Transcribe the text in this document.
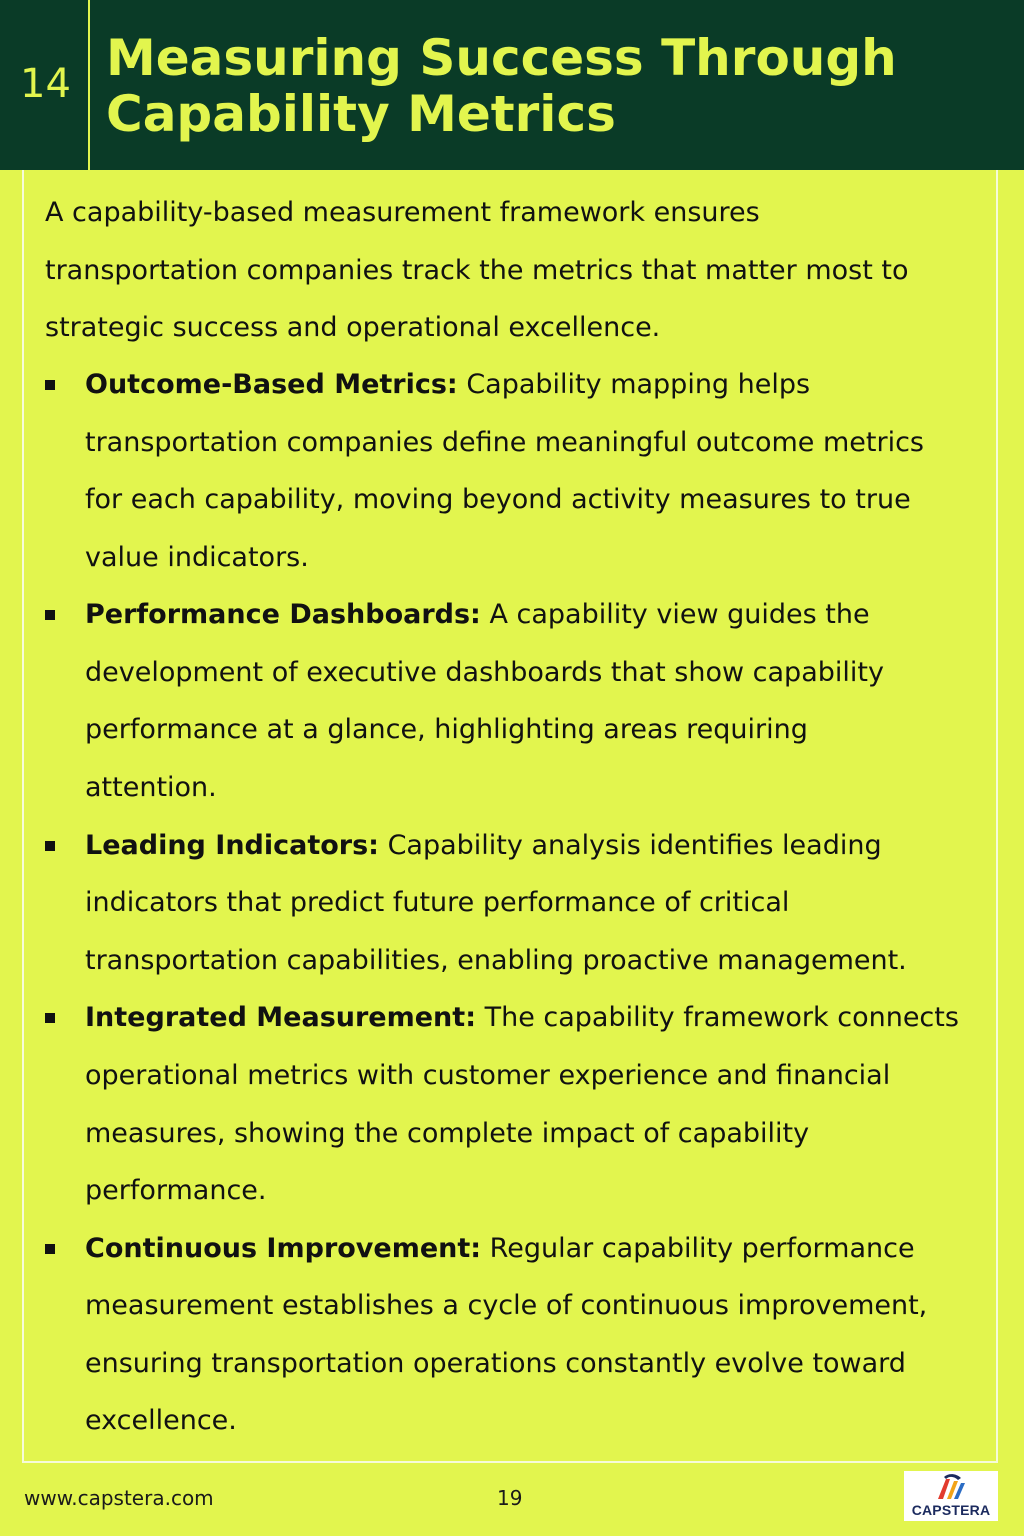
14 Measuring Success Through
Capability Metrics
A capability-based measurement framework ensures
transportation companies track the metrics that matter most to
strategic success and operational excellence.
Outcome-Based Metrics: Capability mapping helps
transportation companies define meaningful outcome metrics
for each capability, moving beyond activity measures to true
value indicators.
Performance Dashboards: A capability view guides the
development of executive dashboards that show capability
performance at a glance, highlighting areas requiring
attention.
Leading Indicators: Capability analysis identifies leading
indicators that predict future performance of critical
transportation capabilities, enabling proactive management.
Integrated Measurement: The capability framework connects
operational metrics with customer experience and financial
measures, showing the complete impact of capability
performance.
Continuous Improvement: Regular capability performance
measurement establishes a cycle of continuous improvement,
ensuring transportation operations constantly evolve toward
excellence.
www.capstera.com	19	CAPSTERA
